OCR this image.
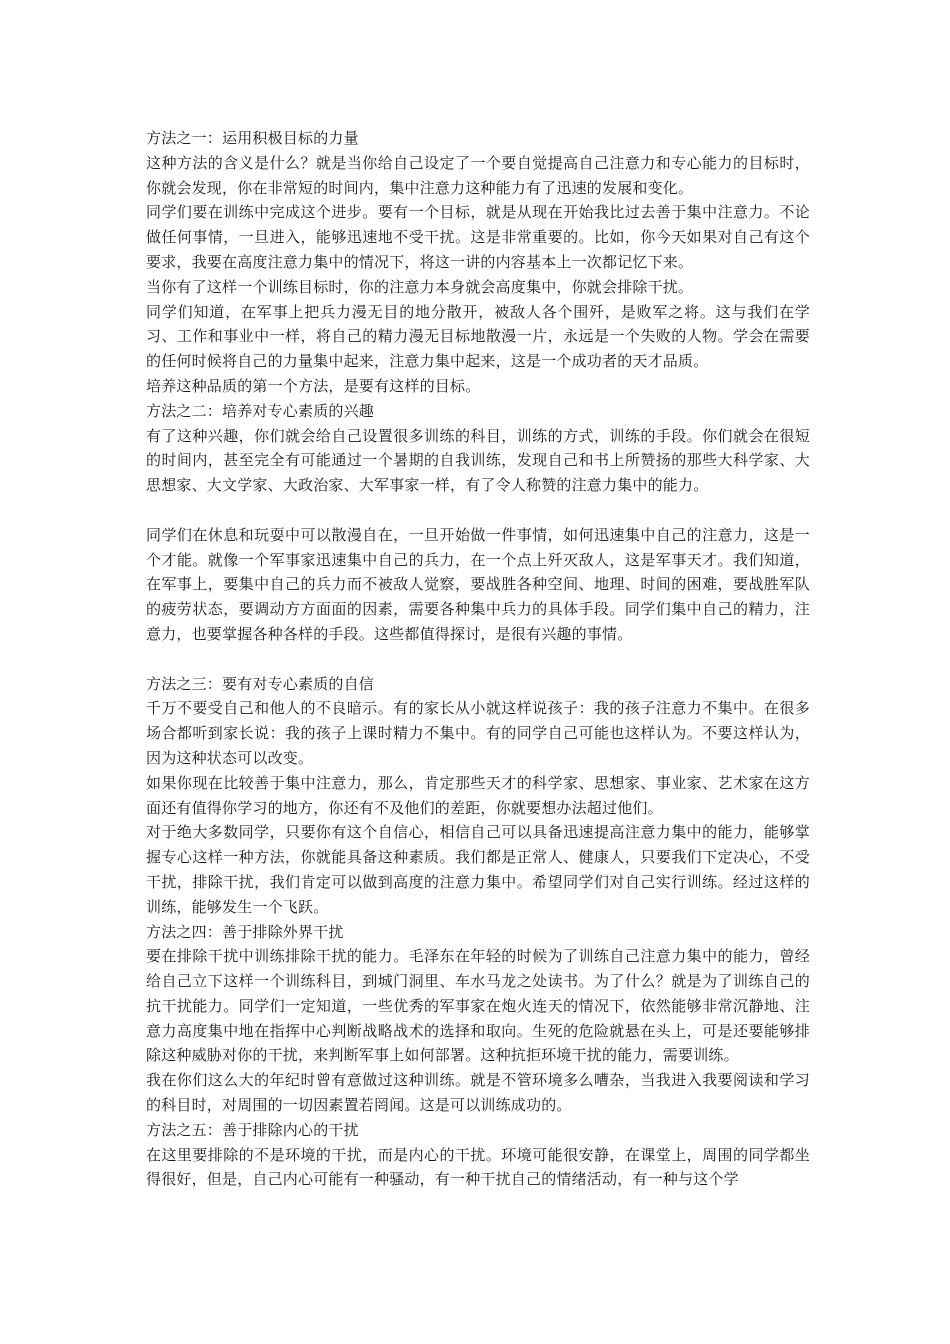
方法之一：运用积极目标的力量

这种方法的含义是什么？就是当你给自己设定了一个要自觉提高自己注意力和专心能力的目标时，你就会发现，你在非常短的时间内，集中注意力这种能力有了迅速的发展和变化。

同学们要在训练中完成这个进步。要有一个目标，就是从现在开始我比过去善于集中注意力。不论做任何事情，一旦进入，能够迅速地不受干扰。这是非常重要的。比如，你今天如果对自己有这个要求，我要在高度注意力集中的情况下，将这一讲的内容基本上一次都记忆下来。

当你有了这样一个训练目标时，你的注意力本身就会高度集中，你就会排除干扰。

同学们知道，在军事上把兵力漫无目的地分散开，被敌人各个围歼，是败军之将。这与我们在学习、工作和事业中一样，将自己的精力漫无目标地散漫一片，永远是一个失败的人物。学会在需要的任何时候将自己的力量集中起来，注意力集中起来，这是一个成功者的天才品质。

培养这种品质的第一个方法，是要有这样的目标。

方法之二：培养对专心素质的兴趣

有了这种兴趣，你们就会给自己设置很多训练的科目，训练的方式，训练的手段。你们就会在很短的时间内，甚至完全有可能通过一个暑期的自我训练，发现自己和书上所赞扬的那些大科学家、大思想家、大文学家、大政治家、大军事家一样，有了令人称赞的注意力集中的能力。

同学们在休息和玩耍中可以散漫自在，一旦开始做一件事情，如何迅速集中自己的注意力，这是一个才能。就像一个军事家迅速集中自己的兵力，在一个点上歼灭敌人，这是军事天才。我们知道，在军事上，要集中自己的兵力而不被敌人觉察，要战胜各种空间、地理、时间的困难，要战胜军队的疲劳状态，要调动方方面面的因素，需要各种集中兵力的具体手段。同学们集中自己的精力，注意力，也要掌握各种各样的手段。这些都值得探讨，是很有兴趣的事情。

方法之三：要有对专心素质的自信

千万不要受自己和他人的不良暗示。有的家长从小就这样说孩子：我的孩子注意力不集中。在很多场合都听到家长说：我的孩子上课时精力不集中。有的同学自己可能也这样认为。不要这样认为，因为这种状态可以改变。

如果你现在比较善于集中注意力，那么，肯定那些天才的科学家、思想家、事业家、艺术家在这方面还有值得你学习的地方，你还有不及他们的差距，你就要想办法超过他们。

对于绝大多数同学，只要你有这个自信心，相信自己可以具备迅速提高注意力集中的能力，能够掌握专心这样一种方法，你就能具备这种素质。我们都是正常人、健康人，只要我们下定决心，不受干扰，排除干扰，我们肯定可以做到高度的注意力集中。希望同学们对自己实行训练。经过这样的训练，能够发生一个飞跃。

方法之四：善于排除外界干扰

要在排除干扰中训练排除干扰的能力。毛泽东在年轻的时候为了训练自己注意力集中的能力，曾经给自己立下这样一个训练科目，到城门洞里、车水马龙之处读书。为了什么？就是为了训练自己的抗干扰能力。同学们一定知道，一些优秀的军事家在炮火连天的情况下，依然能够非常沉静地、注意力高度集中地在指挥中心判断战略战术的选择和取向。生死的危险就悬在头上，可是还要能够排除这种威胁对你的干扰，来判断军事上如何部署。这种抗拒环境干扰的能力，需要训练。

我在你们这么大的年纪时曾有意做过这种训练。就是不管环境多么嘈杂，当我进入我要阅读和学习的科目时，对周围的一切因素置若罔闻。这是可以训练成功的。

方法之五：善于排除内心的干扰

在这里要排除的不是环境的干扰，而是内心的干扰。环境可能很安静，在课堂上，周围的同学都坐得很好，但是，自己内心可能有一种骚动，有一种干扰自己的情绪活动，有一种与这个学
